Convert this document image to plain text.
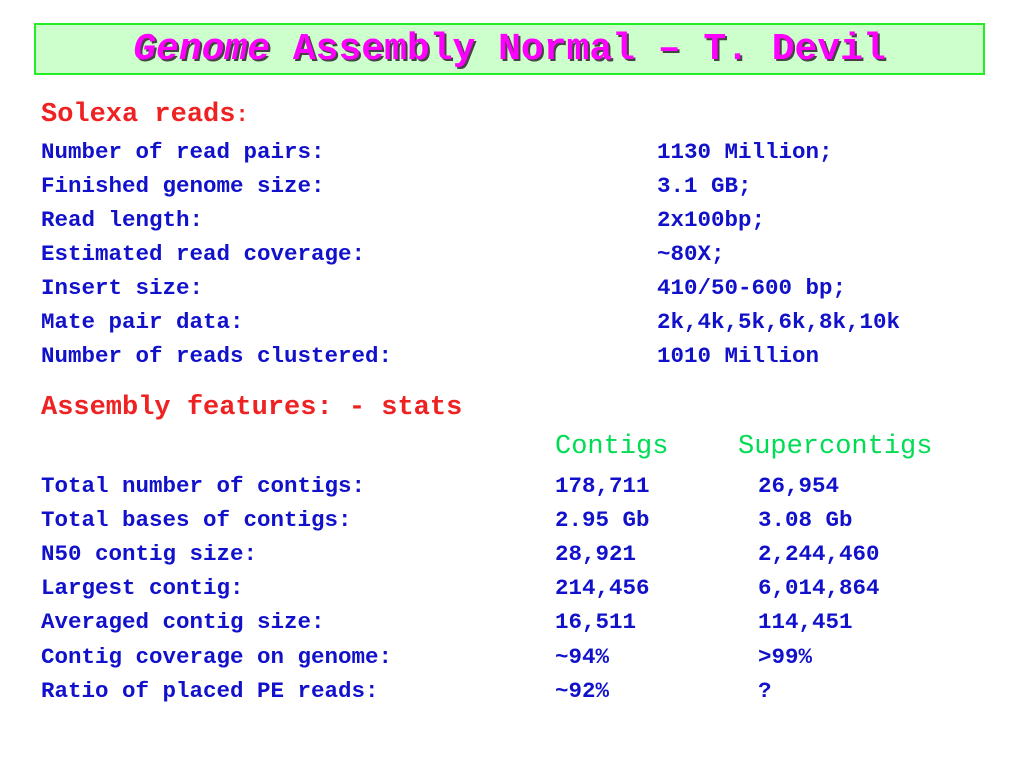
Genome Assembly Normal – T. Devil
Solexa reads:
Number of read pairs:	1130 Million;
Finished genome size:	3.1 GB;
Read length:	2x100bp;
Estimated read coverage:	~80X;
Insert size:	410/50-600 bp;
Mate pair data:	2k,4k,5k,6k,8k,10k
Number of reads clustered:	1010 Million
Assembly features: - stats
Contigs	Supercontigs
Total number of contigs:	178,711	26,954
Total bases of contigs:	2.95 Gb	3.08 Gb
N50 contig size:	28,921	2,244,460
Largest contig:	214,456	6,014,864
Averaged contig size:	16,511	114,451
Contig coverage on genome:	~94%	>99%
Ratio of placed PE reads:	~92%	?
